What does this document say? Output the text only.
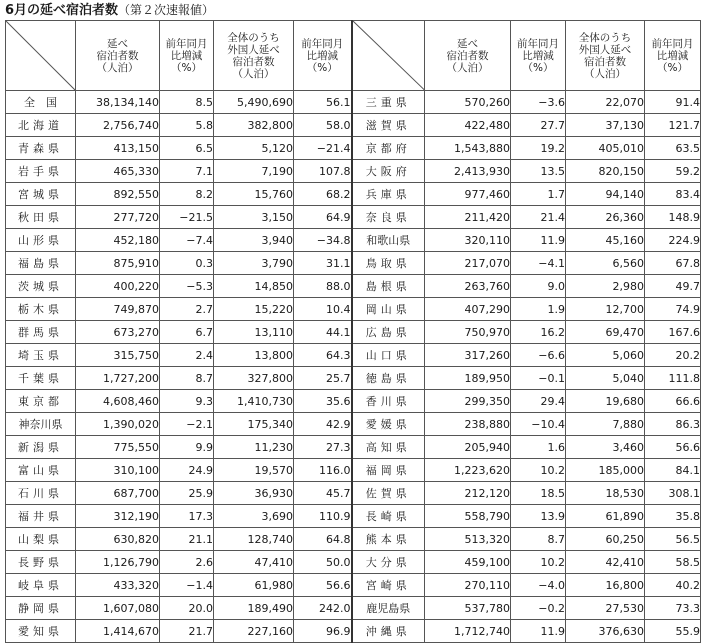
6月の延べ宿泊者数（第２次速報値）
	延べ
宿泊者数
（人泊）	前年同月
比増減
（%）	全体のうち
外国人延べ
宿泊者数
（人泊）	前年同月
比増減
（%）		延べ
宿泊者数
（人泊）	前年同月
比増減
（%）	全体のうち
外国人延べ
宿泊者数
（人泊）	前年同月
比増減
（%）
全　国	38,134,140	8.5	5,490,690	56.1	三重県	570,260	−3.6	22,070	91.4
北海道	2,756,740	5.8	382,800	58.0	滋賀県	422,480	27.7	37,130	121.7
青森県	413,150	6.5	5,120	−21.4	京都府	1,543,880	19.2	405,010	63.5
岩手県	465,330	7.1	7,190	107.8	大阪府	2,413,930	13.5	820,150	59.2
宮城県	892,550	8.2	15,760	68.2	兵庫県	977,460	1.7	94,140	83.4
秋田県	277,720	−21.5	3,150	64.9	奈良県	211,420	21.4	26,360	148.9
山形県	452,180	−7.4	3,940	−34.8	和歌山県	320,110	11.9	45,160	224.9
福島県	875,910	0.3	3,790	31.1	鳥取県	217,070	−4.1	6,560	67.8
茨城県	400,220	−5.3	14,850	88.0	島根県	263,760	9.0	2,980	49.7
栃木県	749,870	2.7	15,220	10.4	岡山県	407,290	1.9	12,700	74.9
群馬県	673,270	6.7	13,110	44.1	広島県	750,970	16.2	69,470	167.6
埼玉県	315,750	2.4	13,800	64.3	山口県	317,260	−6.6	5,060	20.2
千葉県	1,727,200	8.7	327,800	25.7	徳島県	189,950	−0.1	5,040	111.8
東京都	4,608,460	9.3	1,410,730	35.6	香川県	299,350	29.4	19,680	66.6
神奈川県	1,390,020	−2.1	175,340	42.9	愛媛県	238,880	−10.4	7,880	86.3
新潟県	775,550	9.9	11,230	27.3	高知県	205,940	1.6	3,460	56.6
富山県	310,100	24.9	19,570	116.0	福岡県	1,223,620	10.2	185,000	84.1
石川県	687,700	25.9	36,930	45.7	佐賀県	212,120	18.5	18,530	308.1
福井県	312,190	17.3	3,690	110.9	長崎県	558,790	13.9	61,890	35.8
山梨県	630,820	21.1	128,740	64.8	熊本県	513,320	8.7	60,250	56.5
長野県	1,126,790	2.6	47,410	50.0	大分県	459,100	10.2	42,410	58.5
岐阜県	433,320	−1.4	61,980	56.6	宮崎県	270,110	−4.0	16,800	40.2
静岡県	1,607,080	20.0	189,490	242.0	鹿児島県	537,780	−0.2	27,530	73.3
愛知県	1,414,670	21.7	227,160	96.9	沖縄県	1,712,740	11.9	376,630	55.9
